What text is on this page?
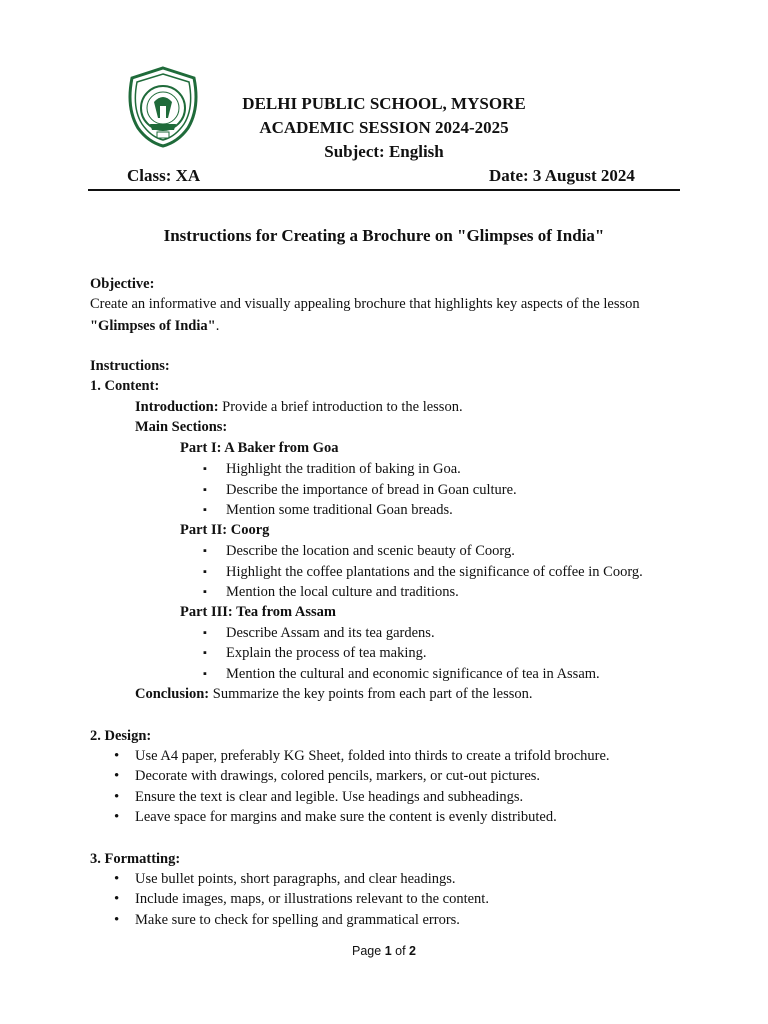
DELHI PUBLIC SCHOOL, MYSORE
ACADEMIC SESSION 2024-2025
Subject: English
Class: XA	Date: 3 August 2024
Instructions for Creating a Brochure on "Glimpses of India"
Objective:
Create an informative and visually appealing brochure that highlights key aspects of the lesson
"Glimpses of India".
Instructions:
1. Content:
Introduction: Provide a brief introduction to the lesson.
Main Sections:
Part I: A Baker from Goa
▪ Highlight the tradition of baking in Goa.
▪ Describe the importance of bread in Goan culture.
▪ Mention some traditional Goan breads.
Part II: Coorg
▪ Describe the location and scenic beauty of Coorg.
▪ Highlight the coffee plantations and the significance of coffee in Coorg.
▪ Mention the local culture and traditions.
Part III: Tea from Assam
▪ Describe Assam and its tea gardens.
▪ Explain the process of tea making.
▪ Mention the cultural and economic significance of tea in Assam.
Conclusion: Summarize the key points from each part of the lesson.
2. Design:
• Use A4 paper, preferably KG Sheet, folded into thirds to create a trifold brochure.
• Decorate with drawings, colored pencils, markers, or cut-out pictures.
• Ensure the text is clear and legible. Use headings and subheadings.
• Leave space for margins and make sure the content is evenly distributed.
3. Formatting:
• Use bullet points, short paragraphs, and clear headings.
• Include images, maps, or illustrations relevant to the content.
• Make sure to check for spelling and grammatical errors.
Page 1 of 2
